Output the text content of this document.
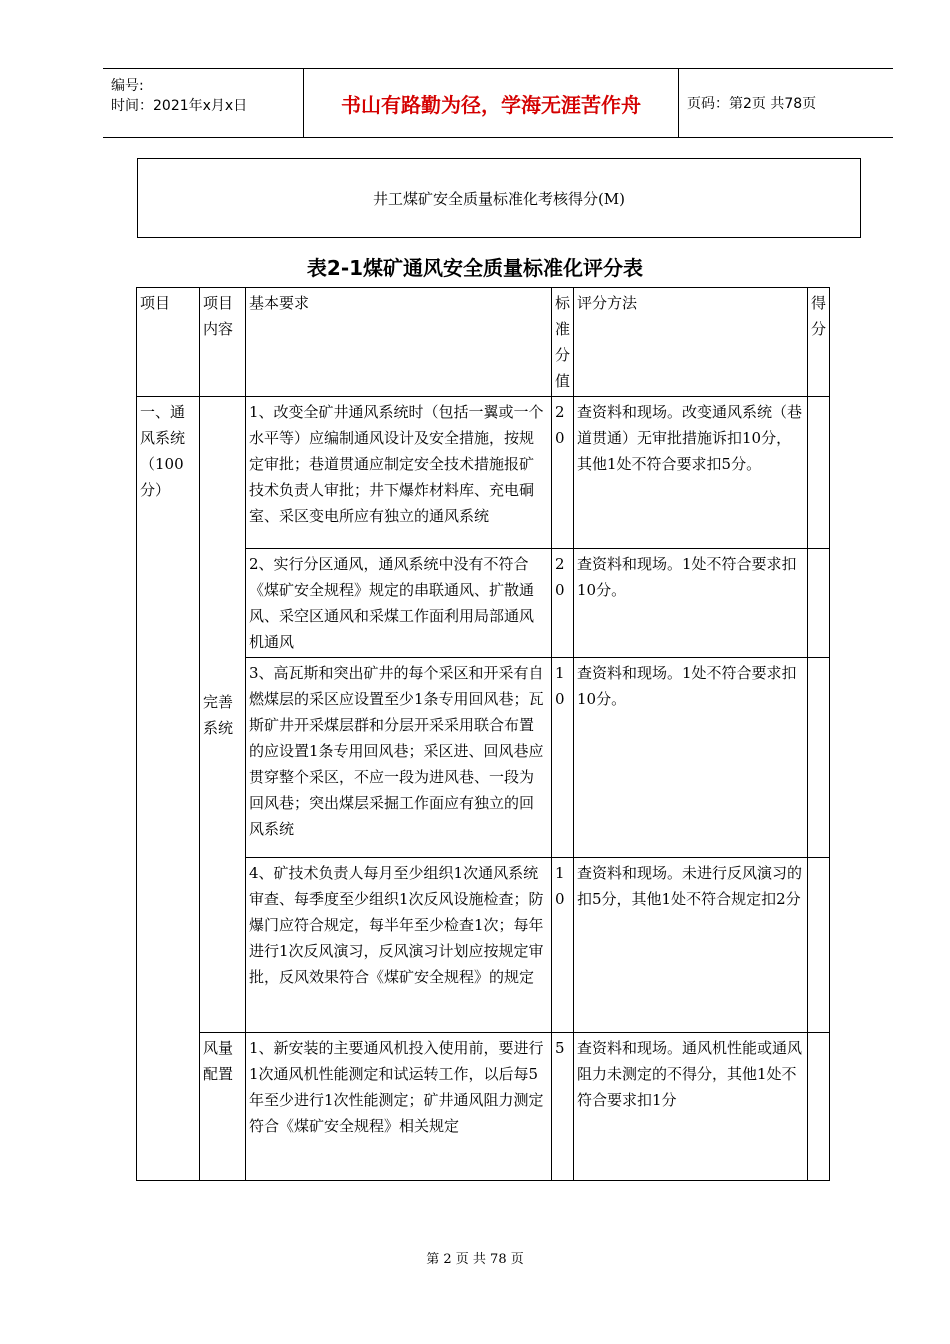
编号:
时间：2021年x月x日	书山有路勤为径，学海无涯苦作舟	页码：第2页 共78页
井工煤矿安全质量标准化考核得分(M)
表2-1煤矿通风安全质量标准化评分表
项目	项目内容	基本要求	标准分值	评分方法	得分
一、通风系统（100分）	完善系统	1、改变全矿井通风系统时（包括一翼或一个水平等）应编制通风设计及安全措施，按规定审批；巷道贯通应制定安全技术措施报矿技术负责人审批；井下爆炸材料库、充电硐室、采区变电所应有独立的通风系统	20	查资料和现场。改变通风系统（巷道贯通）无审批措施诉扣10分，其他1处不符合要求扣5分。	
		2、实行分区通风，通风系统中没有不符合《煤矿安全规程》规定的串联通风、扩散通风、采空区通风和采煤工作面利用局部通风机通风	20	查资料和现场。1处不符合要求扣10分。	
		3、高瓦斯和突出矿井的每个采区和开采有自燃煤层的采区应设置至少1条专用回风巷；瓦斯矿井开采煤层群和分层开采采用联合布置的应设置1条专用回风巷；采区进、回风巷应贯穿整个采区，不应一段为进风巷、一段为回风巷；突出煤层采掘工作面应有独立的回风系统	10	查资料和现场。1处不符合要求扣10分。	
		4、矿技术负责人每月至少组织1次通风系统审查、每季度至少组织1次反风设施检查；防爆门应符合规定，每半年至少检查1次；每年进行1次反风演习，反风演习计划应按规定审批，反风效果符合《煤矿安全规程》的规定	10	查资料和现场。未进行反风演习的扣5分，其他1处不符合规定扣2分	
	风量配置	1、新安装的主要通风机投入使用前，要进行1次通风机性能测定和试运转工作，以后每5年至少进行1次性能测定；矿井通风阻力测定符合《煤矿安全规程》相关规定	5	查资料和现场。通风机性能或通风阻力未测定的不得分，其他1处不符合要求扣1分	
第 2 页 共 78 页
